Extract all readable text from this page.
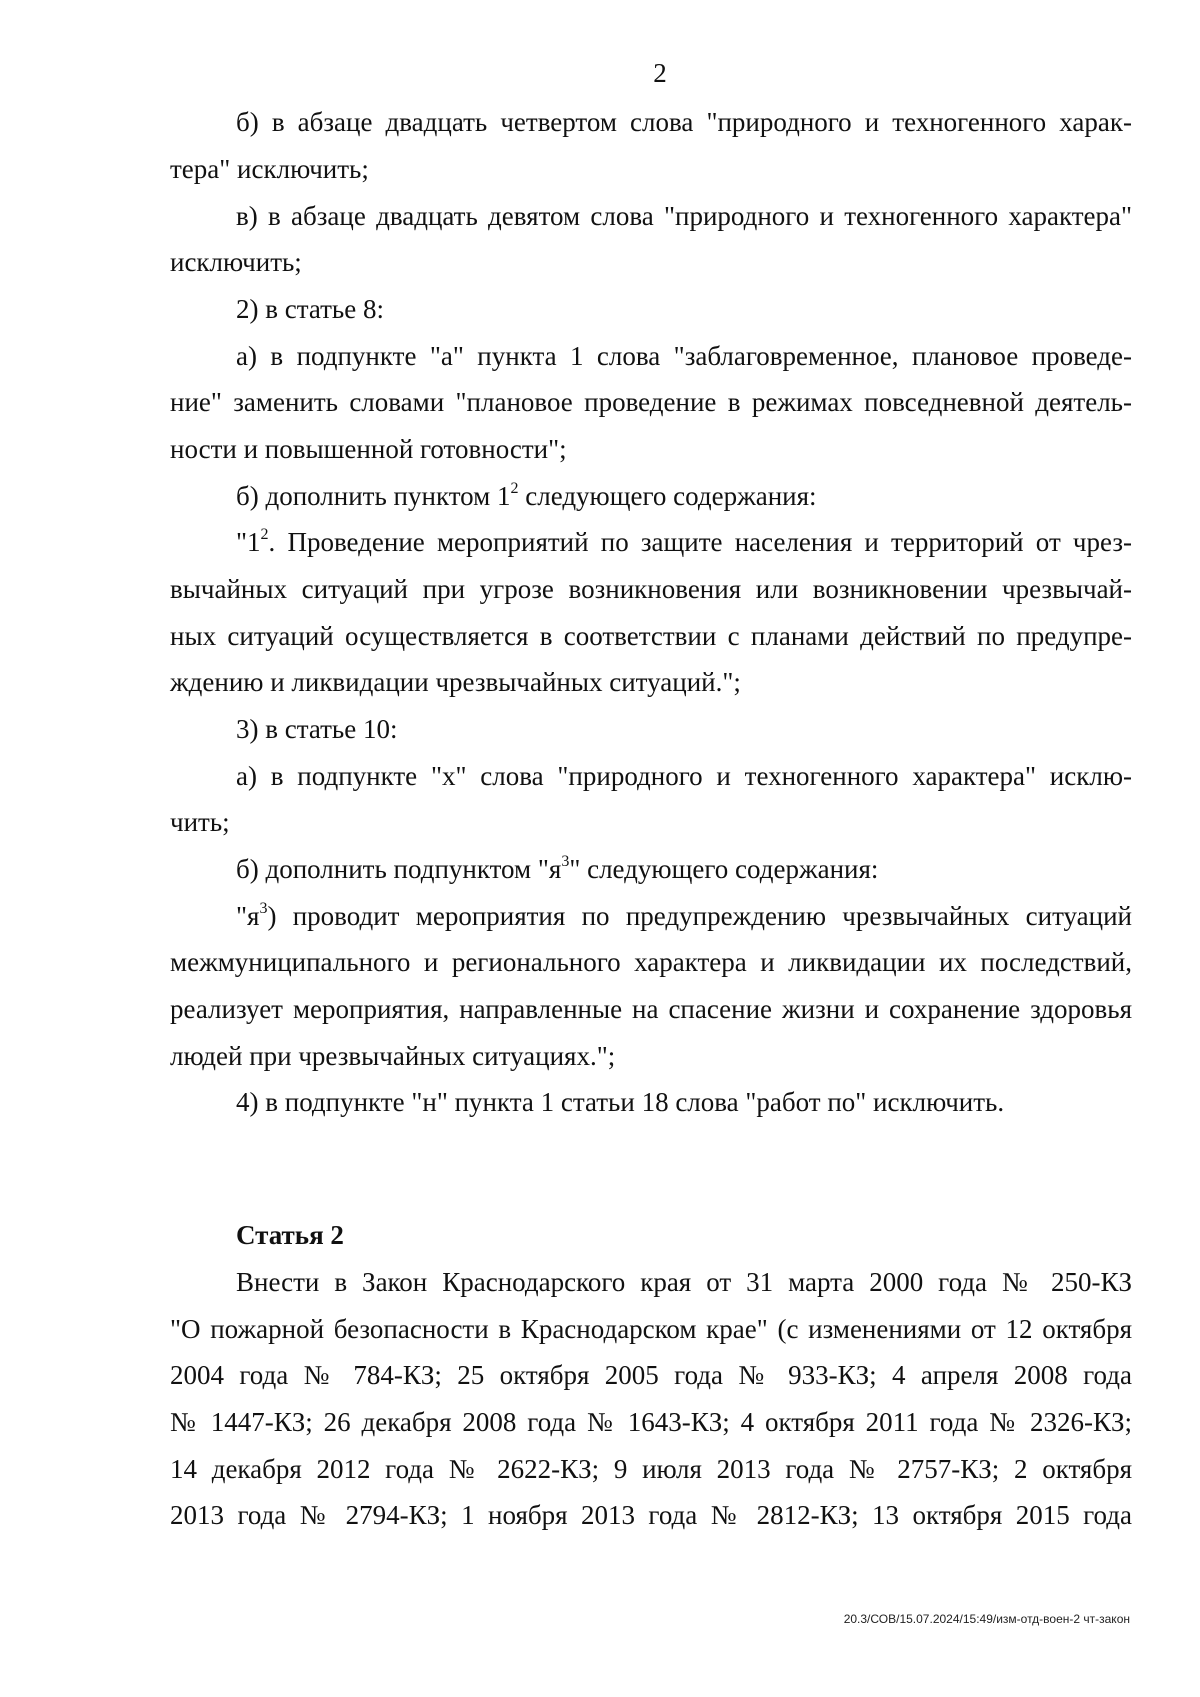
2
б) в абзаце двадцать четвертом слова "природного и техногенного харак-
тера" исключить;
в) в абзаце двадцать девятом слова "природного и техногенного характера"
исключить;
2) в статье 8:
а) в подпункте "а" пункта 1 слова "заблаговременное, плановое проведе-
ние" заменить словами "плановое проведение в режимах повседневной деятель-
ности и повышенной готовности";
б) дополнить пунктом $1^2$ следующего содержания:
"$1^2$. Проведение мероприятий по защите населения и территорий от чрез-
вычайных ситуаций при угрозе возникновения или возникновении чрезвычай-
ных ситуаций осуществляется в соответствии с планами действий по предупре-
ждению и ликвидации чрезвычайных ситуаций.";
3) в статье 10:
а) в подпункте "х" слова "природного и техногенного характера" исклю-
чить;
б) дополнить подпунктом "$я^3$" следующего содержания:
"$я^3$) проводит мероприятия по предупреждению чрезвычайных ситуаций
межмуниципального и регионального характера и ликвидации их последствий,
реализует мероприятия, направленные на спасение жизни и сохранение здоровья
людей при чрезвычайных ситуациях.";
4) в подпункте "н" пункта 1 статьи 18 слова "работ по" исключить.
Статья 2
Внести в Закон Краснодарского края от 31 марта 2000 года № 250-КЗ
"О пожарной безопасности в Краснодарском крае" (с изменениями от 12 октября
2004 года № 784-КЗ; 25 октября 2005 года № 933-КЗ; 4 апреля 2008 года
№ 1447-КЗ; 26 декабря 2008 года № 1643-КЗ; 4 октября 2011 года № 2326-КЗ;
14 декабря 2012 года № 2622-КЗ; 9 июля 2013 года № 2757-КЗ; 2 октября
2013 года № 2794-КЗ; 1 ноября 2013 года № 2812-КЗ; 13 октября 2015 года
20.3/СОВ/15.07.2024/15:49/изм-отд-воен-2 чт-закон
